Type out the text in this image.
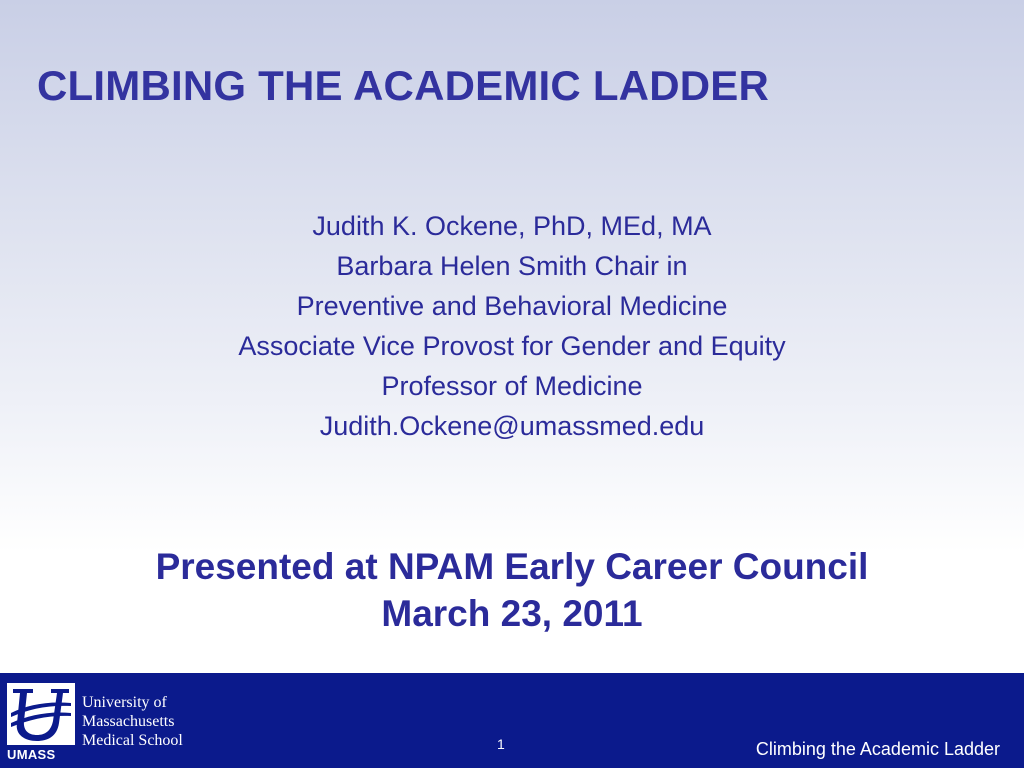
CLIMBING THE ACADEMIC LADDER
Judith K. Ockene, PhD, MEd, MA
Barbara Helen Smith Chair in
Preventive and Behavioral Medicine
Associate Vice Provost for Gender and Equity
Professor of Medicine
Judith.Ockene@umassmed.edu
Presented at NPAM Early Career Council
March 23, 2011
UMASS
University of
Massachusetts
Medical School	1	Climbing the Academic Ladder
